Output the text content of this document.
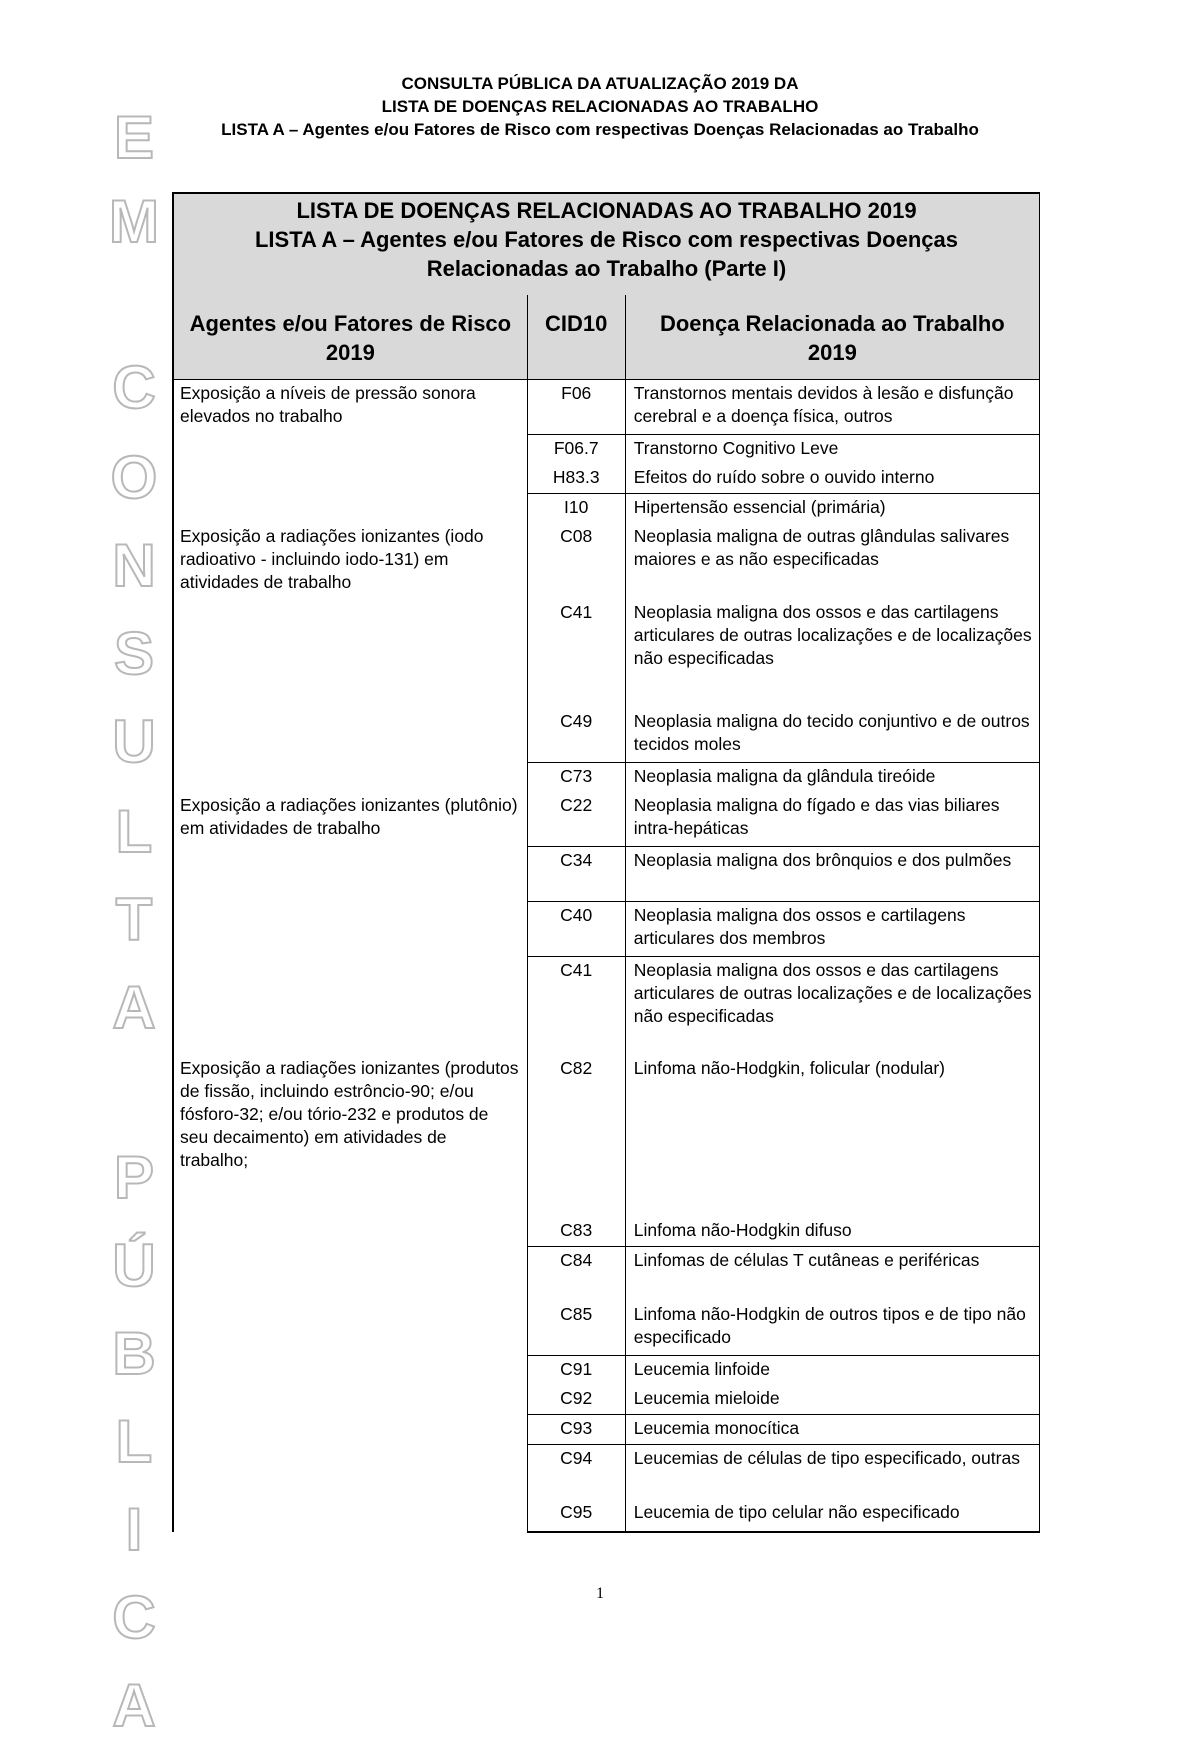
E
M
C
O
N
S
U
L
T
A
P
Ú
B
L
I
C
A
CONSULTA PÚBLICA DA ATUALIZAÇÃO 2019 DA
LISTA DE DOENÇAS RELACIONADAS AO TRABALHO
LISTA A – Agentes e/ou Fatores de Risco com respectivas Doenças Relacionadas ao Trabalho
LISTA DE DOENÇAS RELACIONADAS AO TRABALHO 2019
LISTA A – Agentes e/ou Fatores de Risco com respectivas Doenças Relacionadas ao Trabalho (Parte I)		

Agentes e/ou Fatores de Risco 2019	CID10	Doença Relacionada ao Trabalho 2019
Exposição a níveis de pressão sonora elevados no trabalho	F06	Transtornos mentais devidos à lesão e disfunção cerebral e a doença física, outros
	F06.7	Transtorno Cognitivo Leve
	H83.3	Efeitos do ruído sobre o ouvido interno
	I10	Hipertensão essencial (primária)
Exposição a radiações ionizantes (iodo radioativo - incluindo iodo-131) em atividades de trabalho	C08	Neoplasia maligna de outras glândulas salivares maiores e as não especificadas
	C41	Neoplasia maligna dos ossos e das cartilagens articulares de outras localizações e de localizações não especificadas
	C49	Neoplasia maligna do tecido conjuntivo e de outros tecidos moles
	C73	Neoplasia maligna da glândula tireóide
Exposição a radiações ionizantes (plutônio) em atividades de trabalho	C22	Neoplasia maligna do fígado e das vias biliares intra-hepáticas
	C34	Neoplasia maligna dos brônquios e dos pulmões
	C40	Neoplasia maligna dos ossos e cartilagens articulares dos membros
	C41	Neoplasia maligna dos ossos e das cartilagens articulares de outras localizações e de localizações não especificadas
Exposição a radiações ionizantes (produtos de fissão, incluindo estrôncio-90; e/ou fósforo-32; e/ou tório-232 e produtos de seu decaimento) em atividades de trabalho;	C82	Linfoma não-Hodgkin, folicular (nodular)
	C83	Linfoma não-Hodgkin difuso
	C84	Linfomas de células T cutâneas e periféricas
	C85	Linfoma não-Hodgkin de outros tipos e de tipo não especificado
	C91	Leucemia linfoide
	C92	Leucemia mieloide
	C93	Leucemia monocítica
	C94	Leucemias de células de tipo especificado, outras
	C95	Leucemia de tipo celular não especificado
1
